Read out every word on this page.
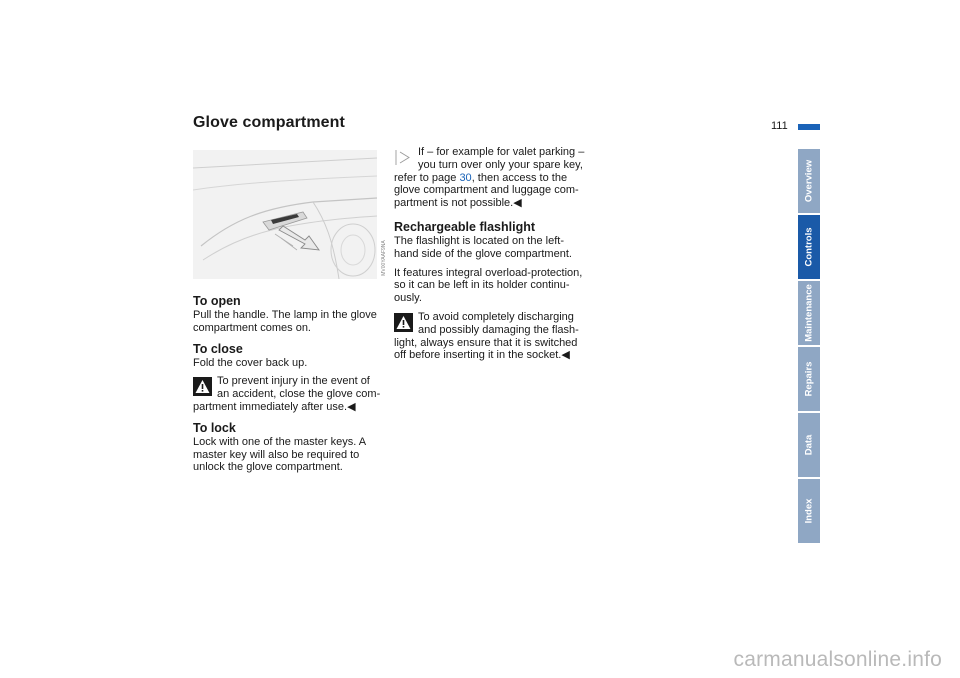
Glove compartment	111
MV00YAAF9NA
To open

Pull the handle. The lamp in the glove compartment comes on.

To close

Fold the cover back up.

To prevent injury in the event of an accident, close the glove com-
partment immediately after use.◀
To lock

Lock with one of the master keys. A master key will also be required to unlock the glove compartment.

If – for example for valet parking – you turn over only your spare key,
refer to page 30, then access to the glove compartment and luggage com-partment is not possible.◀
Rechargeable flashlight

The flashlight is located on the left-hand side of the glove compartment.

It features integral overload-protection, so it can be left in its holder continu-ously.

To avoid completely discharging and possibly damaging the flash-
light, always ensure that it is switched off before inserting it in the socket.◀
Overview
Controls
Maintenance
Repairs
Data
Index
carmanualsonline.info
